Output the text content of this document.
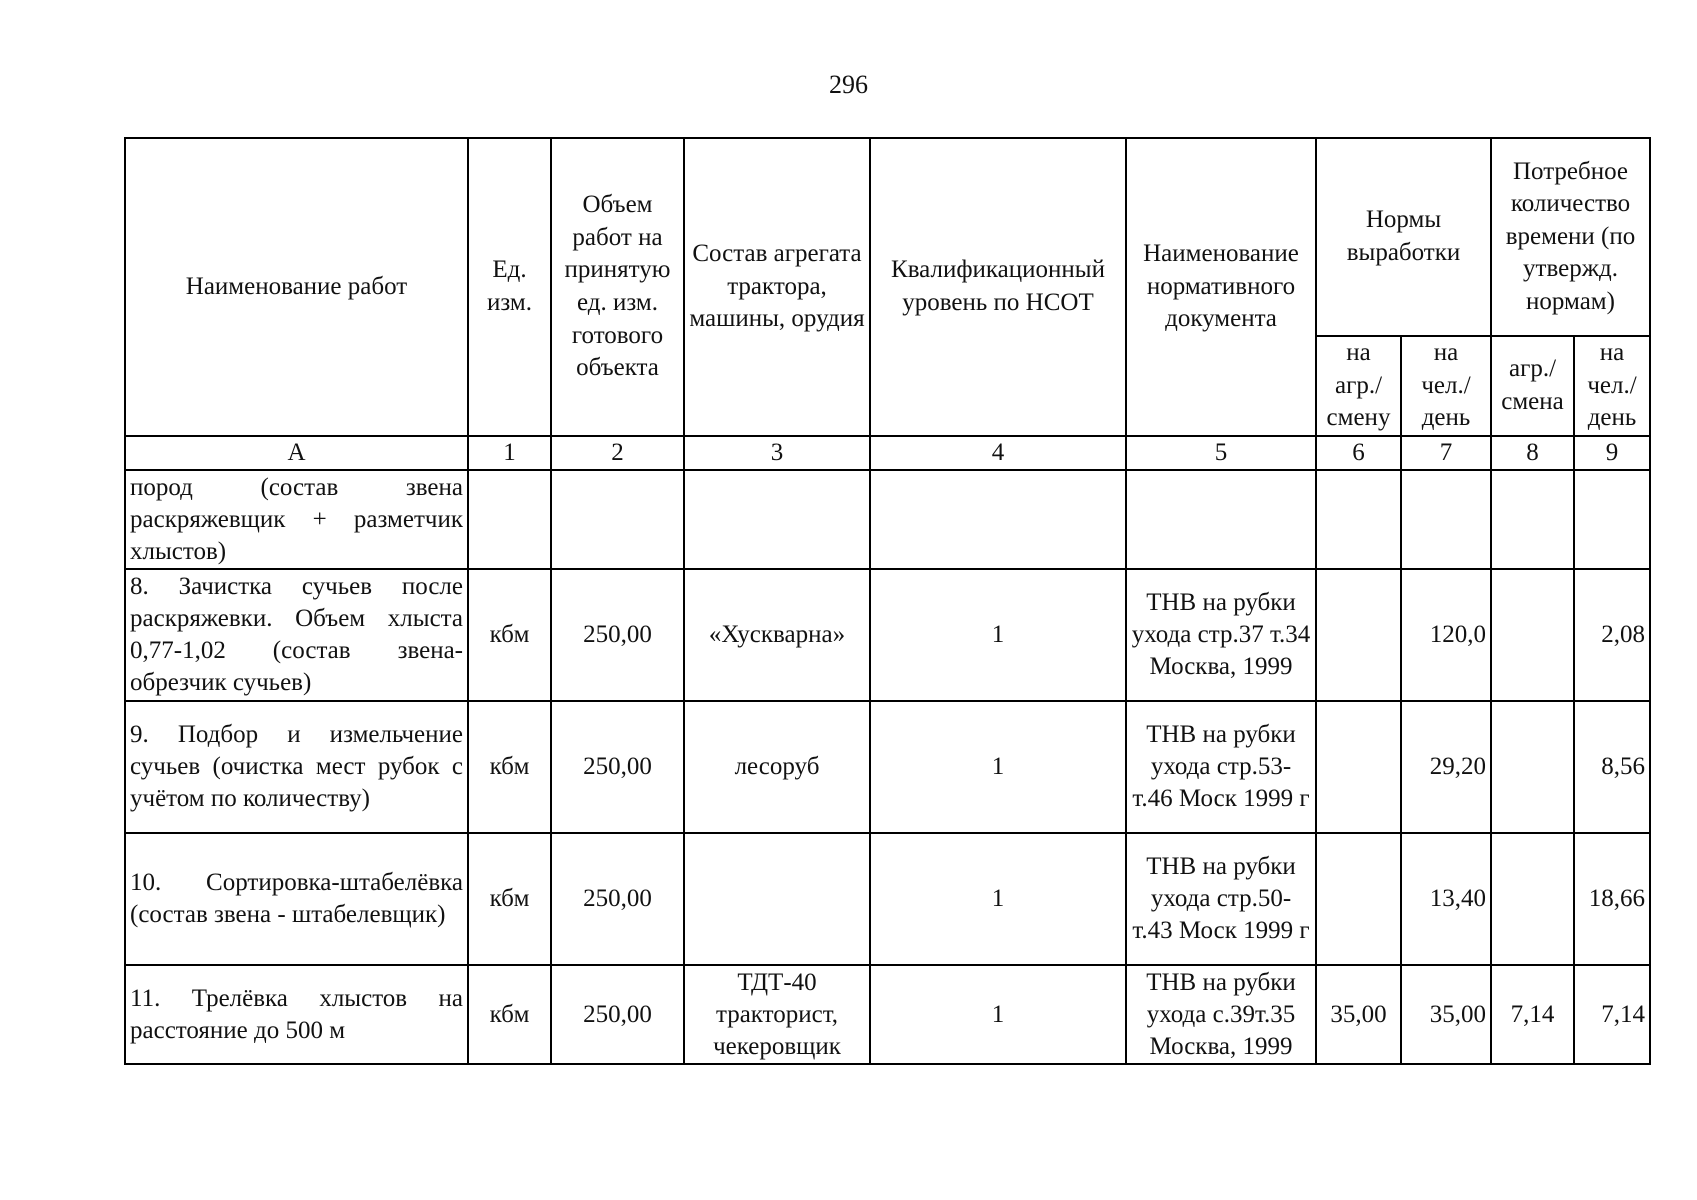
296
Наименование работ	Ед. изм.	Объем работ на принятую ед. изм. готового объекта	Состав агрегата трактора, машины, орудия	Квалификационный уровень по НСОТ	Наименование нормативного документа	Нормы выработки		Потребное количество времени (по утвержд. нормам)	
						на агр./ смену	на чел./ день	агр./ смена	на чел./ день
А	1	2	3	4	5	6	7	8	9
пород (состав звена раскряжевщик + разметчик хлыстов)									
8. Зачистка сучьев после раскряжевки. Объем хлыста 0,77-1,02 (состав звена-обрезчик сучьев)	кбм	250,00	«Хускварна»	1	ТНВ на рубки ухода стр.37 т.34 Москва, 1999		120,0		2,08
9. Подбор и измельчение сучьев (очистка мест рубок с учётом по количеству)	кбм	250,00	лесоруб	1	ТНВ на рубки ухода стр.53-т.46 Моск 1999 г		29,20		8,56
10. Сортировка-штабелёвка (состав звена - штабелевщик)	кбм	250,00		1	ТНВ на рубки ухода стр.50-т.43 Моск 1999 г		13,40		18,66
11. Трелёвка хлыстов на расстояние до 500 м	кбм	250,00	ТДТ-40 тракторист, чекеровщик	1	ТНВ на рубки ухода с.39т.35 Москва, 1999	35,00	35,00	7,14	7,14
